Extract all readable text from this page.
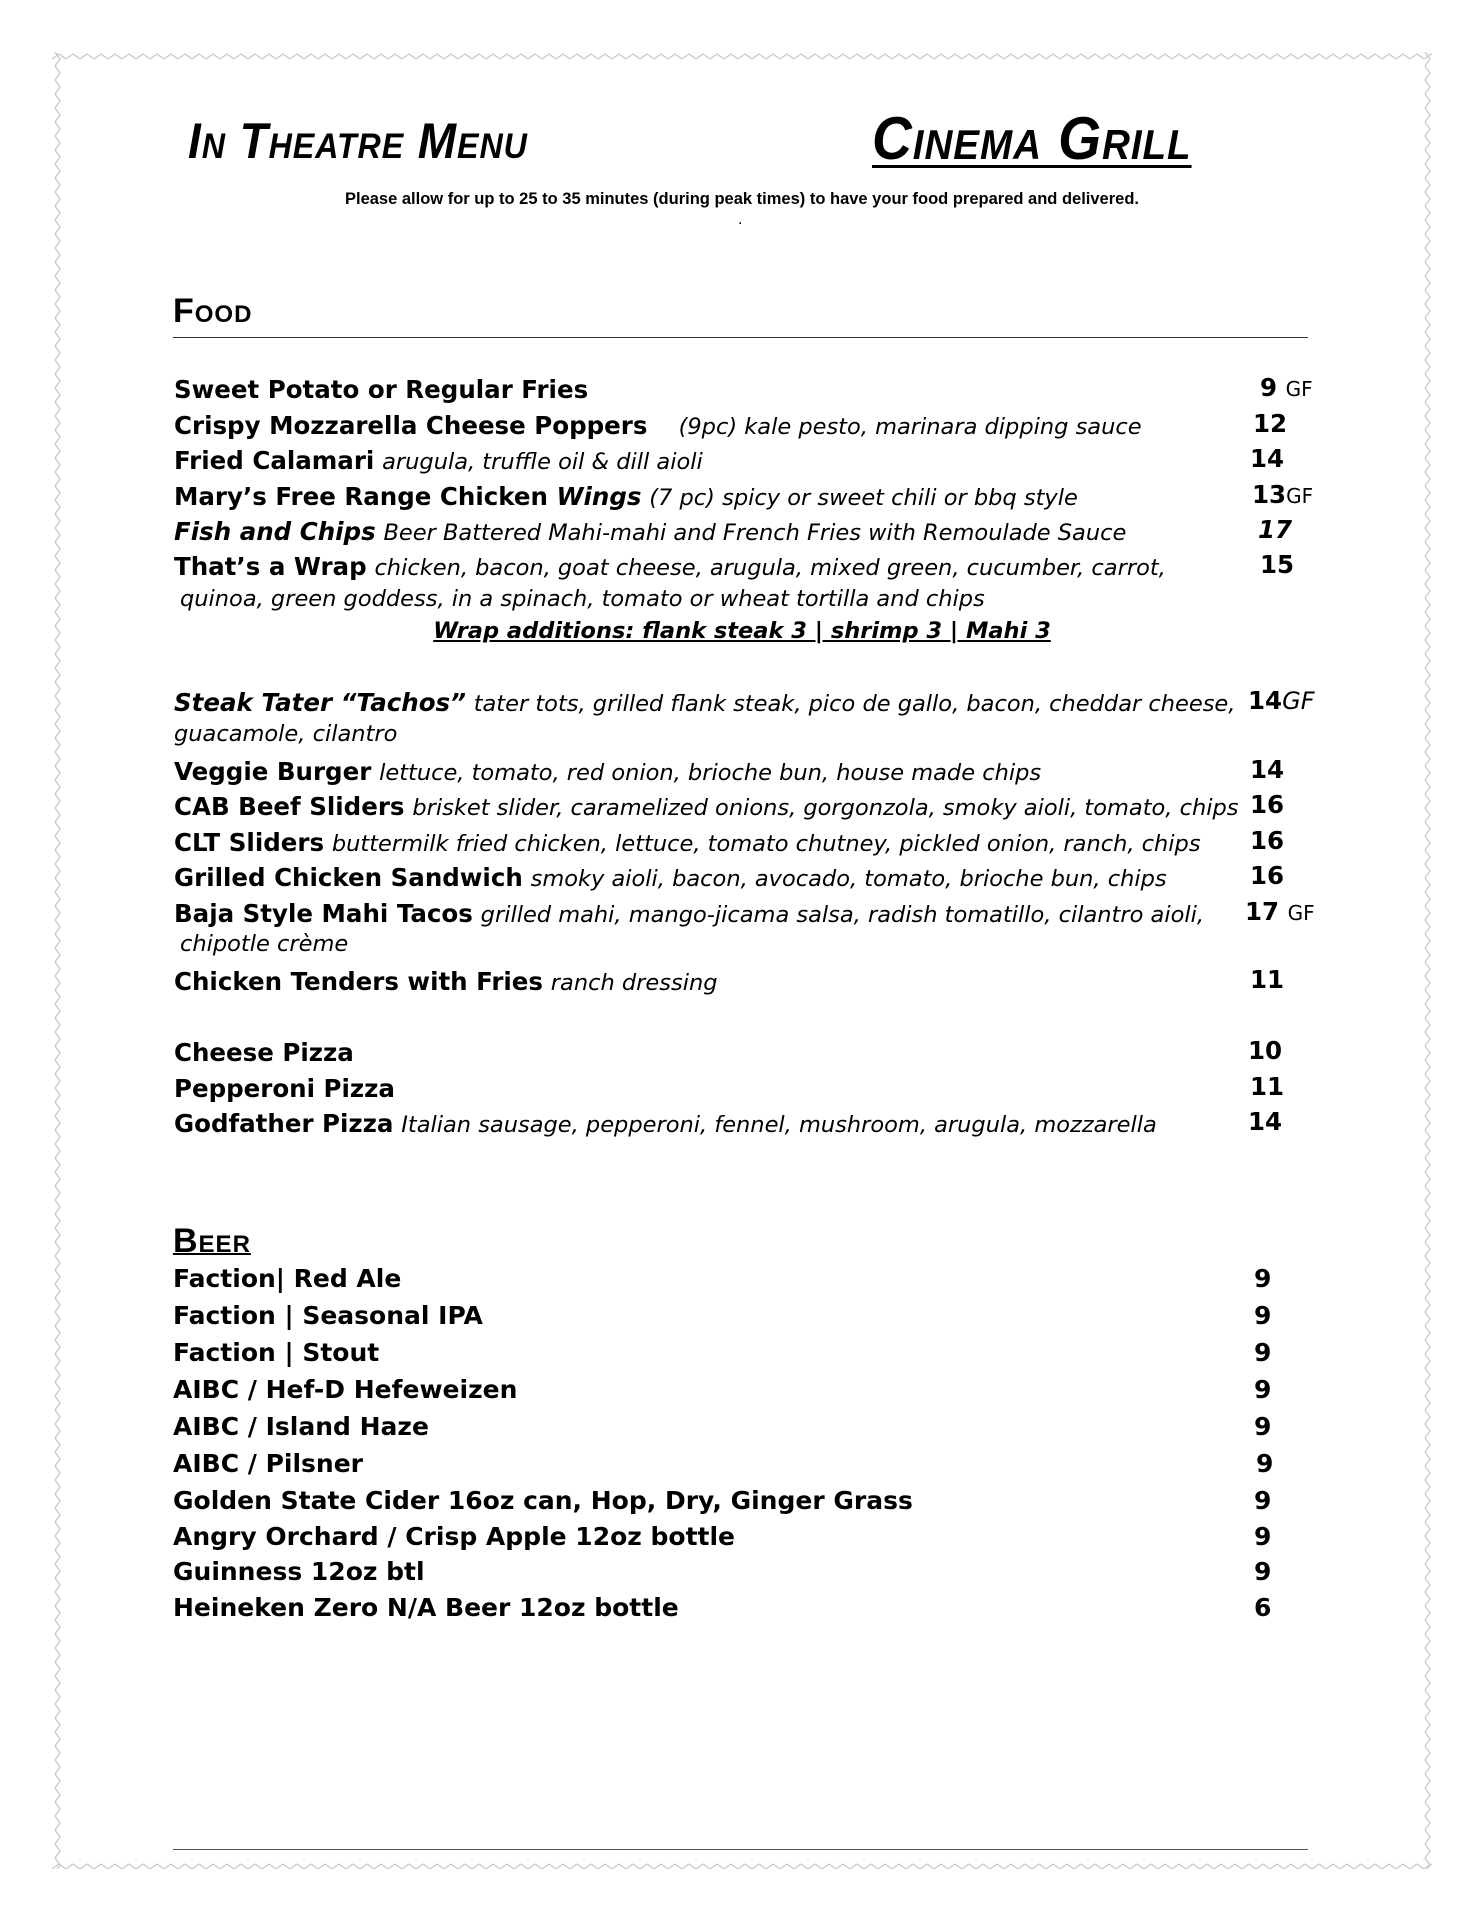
In Theatre Menu	Cinema Grill
Please allow for up to 25 to 35 minutes (during peak times) to have your food prepared and delivered.
.
Food
Sweet Potato or Regular Fries	9 GF
Crispy Mozzarella Cheese Poppers (9pc) kale pesto, marinara dipping sauce	12
Fried Calamari arugula, truffle oil & dill aioli	14
Mary’s Free Range Chicken Wings (7 pc) spicy or sweet chili or bbq style	13GF
Fish and Chips Beer Battered Mahi-mahi and French Fries with Remoulade Sauce	17
That’s a Wrap chicken, bacon, goat cheese, arugula, mixed green, cucumber, carrot,	15
quinoa, green goddess, in a spinach, tomato or wheat tortilla and chips
Wrap additions: flank steak 3 | shrimp 3 | Mahi 3
Steak Tater “Tachos” tater tots, grilled flank steak, pico de gallo, bacon, cheddar cheese, 14GF
guacamole, cilantro
Veggie Burger lettuce, tomato, red onion, brioche bun, house made chips	14
CAB Beef Sliders brisket slider, caramelized onions, gorgonzola, smoky aioli, tomato, chips 16
CLT Sliders buttermilk fried chicken, lettuce, tomato chutney, pickled onion, ranch, chips	16
Grilled Chicken Sandwich smoky aioli, bacon, avocado, tomato, brioche bun, chips	16
Baja Style Mahi Tacos grilled mahi, mango-jicama salsa, radish tomatillo, cilantro aioli,	17 GF
chipotle crème
Chicken Tenders with Fries ranch dressing	11
Cheese Pizza	10
Pepperoni Pizza	11
Godfather Pizza Italian sausage, pepperoni, fennel, mushroom, arugula, mozzarella	14
Beer
Faction| Red Ale	9
Faction | Seasonal IPA	9
Faction | Stout	9
AIBC / Hef-D Hefeweizen	9
AIBC / Island Haze	9
AIBC / Pilsner	9
Golden State Cider 16oz can, Hop, Dry, Ginger Grass	9
Angry Orchard / Crisp Apple 12oz bottle	9
Guinness 12oz btl	9
Heineken Zero N/A Beer 12oz bottle	6
